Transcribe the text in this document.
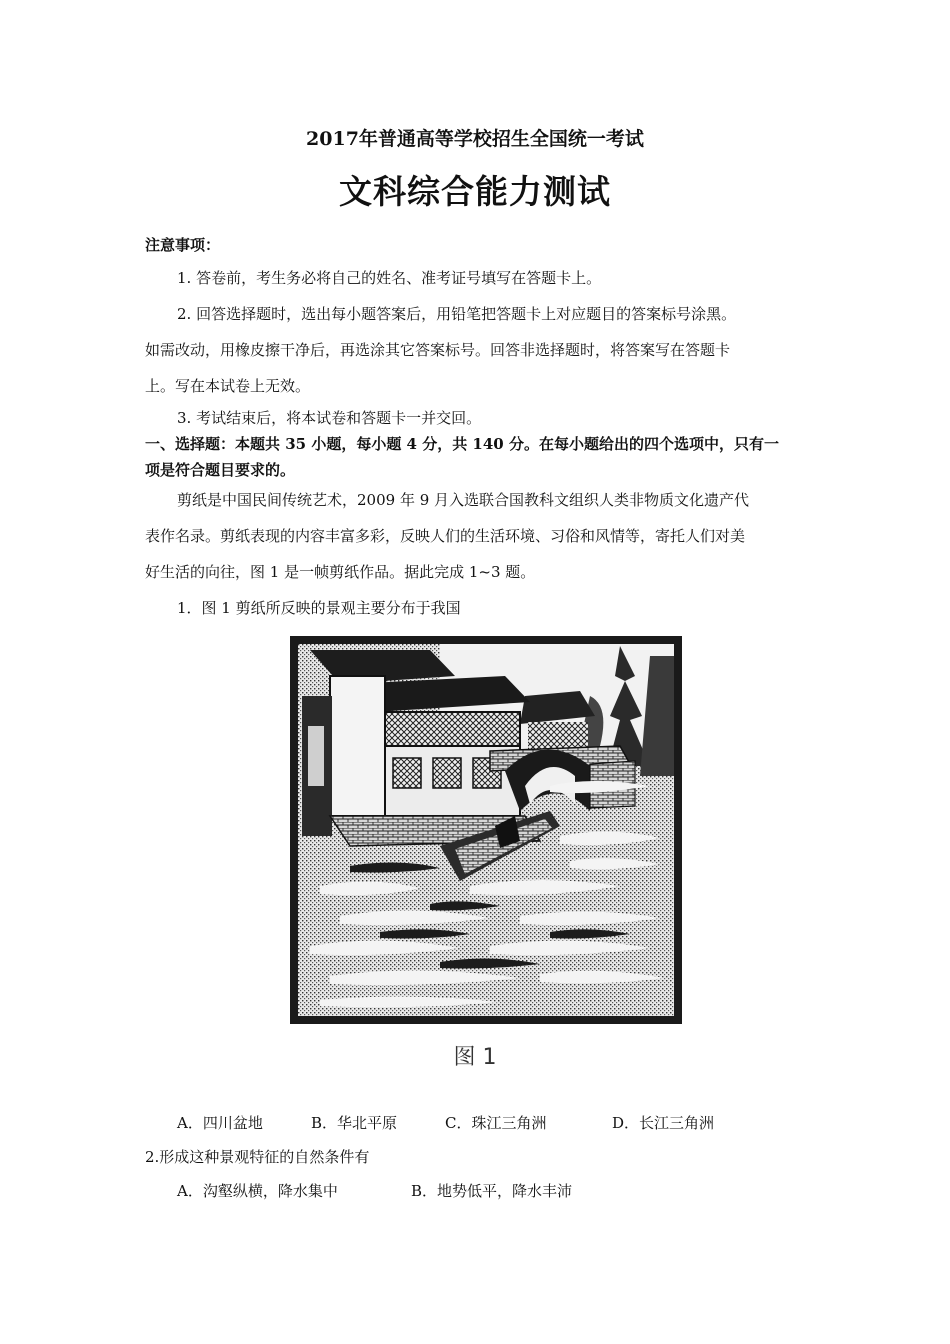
2017年普通高等学校招生全国统一考试
文科综合能力测试
注意事项：
1. 答卷前，考生务必将自己的姓名、准考证号填写在答题卡上。
2. 回答选择题时，选出每小题答案后，用铅笔把答题卡上对应题目的答案标号涂黑。
如需改动，用橡皮擦干净后，再选涂其它答案标号。回答非选择题时，将答案写在答题卡
上。写在本试卷上无效。
3. 考试结束后，将本试卷和答题卡一并交回。
一、选择题：本题共 35 小题，每小题 4 分，共 140 分。在每小题给出的四个选项中，只有一
项是符合题目要求的。
剪纸是中国民间传统艺术，2009 年 9 月入选联合国教科文组织人类非物质文化遗产代
表作名录。剪纸表现的内容丰富多彩，反映人们的生活环境、习俗和风情等，寄托人们对美
好生活的向往，图 1 是一帧剪纸作品。据此完成 1~3 题。
1．图 1 剪纸所反映的景观主要分布于我国
图 1
A．四川盆地	B．华北平原	C．珠江三角洲	D．长江三角洲
2.形成这种景观特征的自然条件有
A．沟壑纵横，降水集中	B．地势低平，降水丰沛
